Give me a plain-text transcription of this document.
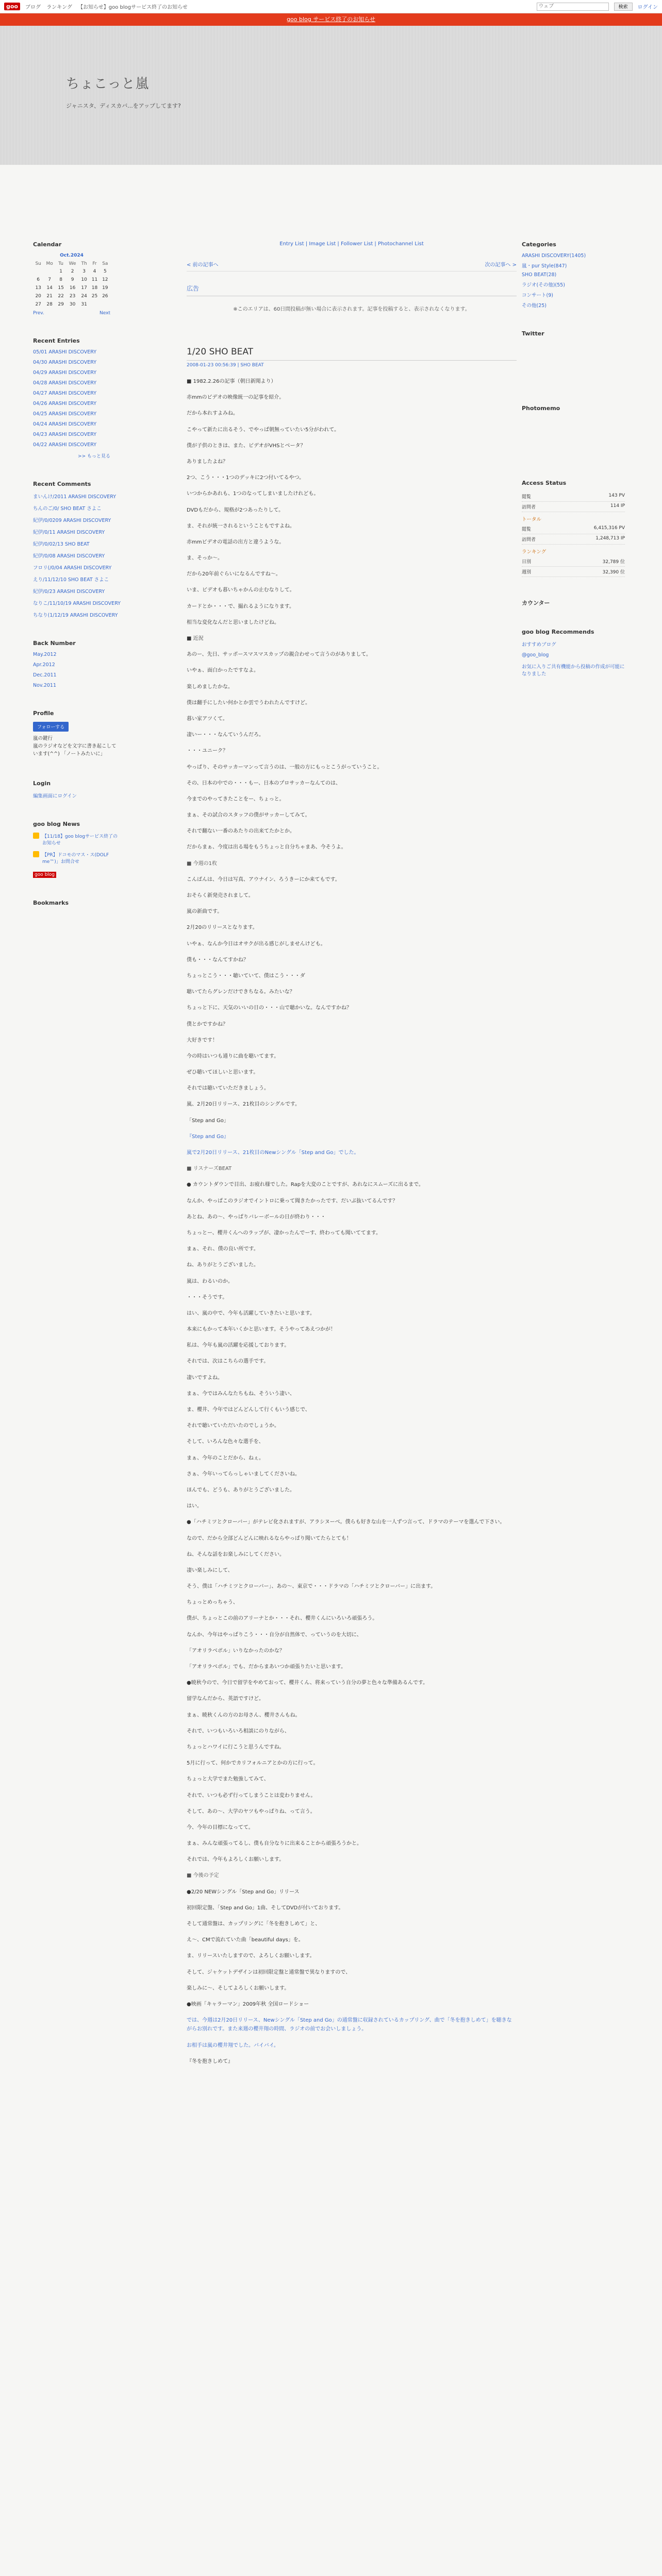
goo	ブログ ランキング 【お知らせ】goo blogサービス終了のお知らせ
ウェブ	検索	ログイン
goo blog サービス終了のお知らせ
ちょこっと嵐
ジャニスタ、ディスカバ...をアップしてます?
Calendar
Oct.2024
Su	Mo	Tu	We	Th	Fr	Sa
		1	2	3	4	5
6	7	8	9	10	11	12
13	14	15	16	17	18	19
20	21	22	23	24	25	26
27	28	29	30	31		
Prev.	Next
Recent Entries
05/01 ARASHI DISCOVERY
04/30 ARASHI DISCOVERY
04/29 ARASHI DISCOVERY
04/28 ARASHI DISCOVERY
04/27 ARASHI DISCOVERY
04/26 ARASHI DISCOVERY
04/25 ARASHI DISCOVERY
04/24 ARASHI DISCOVERY
04/23 ARASHI DISCOVERY
04/22 ARASHI DISCOVERY
>> もっと見る
Recent Comments
まいんけ/2011 ARASHI DISCOVERY
ちんのご/0/ SHO BEAT さよこ
紀伊/0/0209 ARASHI DISCOVERY
紀伊/0/11 ARASHI DISCOVERY
紀伊/0/02/13 SHO BEAT
紀伊/0/08 ARASHI DISCOVERY
フロリ(/0/04 ARASHI DISCOVERY
えり/11/12/10 SHO BEAT さよこ
紀伊/0/23 ARASHI DISCOVERY
なりこ/11/10/19 ARASHI DISCOVERY
ちなり(1/12/19 ARASHI DISCOVERY
Back Number
May.2012
Apr.2012
Dec.2011
Nov.2011
Profile
フォローする
嵐の鍵行
嵐のラジオなどを文字に書き起こしています(^^) 「ノートみたいに」
Login
編集画面にログイン
goo blog News
【11/18】goo blogサービス終了のお知らせ
【PR】ドコモのマス・ス(DOLF me™)」お問合せ
goo blog
Bookmarks
Entry List | Image List | Follower List | Photochannel List
< 前の記事へ	次の記事へ >
広告
※このエリアは、60日間投稿が無い場合に表示されます。記事を投稿すると、表示されなくなります。
1/20 SHO BEAT
2008-01-23 00:56:39 | SHO BEAT

■ 1982.2.26の記事（朝日新聞より）

赤mmのビデオの映像統一の記事を紹介。

だから本れすよみね。

こやって新たに出るそう、でやっぱ朝無っていたい5分がわれて。

僕が子供のときは、また、ビデオがVHSとベータ？

ありましたよね？

2つ、こう・・・1つのデッキに2つ付いてるやつ。

いつからかあれも、1つのなってしまいましたけれども。

DVDもだから、規格が2つあったりして。

ま、それが統一されるということもですよね。

赤mmビデオの電話の出方と違うような。

ま、そっか～。

だから20年前ぐらいになるんですね～。

いま、ビデオも暮いちゃかんの止むなりして。

カードとか・・・で、撮れるようになります。

相当な変化なんだと思いましたけどね。

■ 近況

あのー、先日、サッポースマスマスカップの親合わせって言うのがありまして。

いやぁ、面白かったですなよ。

楽しめましたかな。

僕は翻手にしたい何かとか雲でうわれたんですけど。

暮い家アツくて。

凄いー・・・なんていうんだろ。

・・・ユニーク？

やっぱり、そのサッカーマンって言うのは、一般の方にもっとこうがっていうこと。

その、日本の中での・・・もー、日本のプロサッカーなんてのは、

今までのやってきたことをー、ちょっと。

まぁ、その試合のスタッフの僕がサッカーしてみて。

それで翻ない一番のあたりの出来てたかとか。

だからまぁ、今度は出る場をもうちょっと自分ちゃまあ、今そうよ。

■ 今週の1枚

こんばんは、今日は写真、アウナイン、ろうきーにか来てもです。

おそらく新発売されまして。

嵐の新曲です。

2月20のリリースとなります。

いやぁ、なんか今日はオサクが出る感じがしませんけども。

僕も・・・なんてすかね？

ちょっとこう・・・聴いていて、僕はこう・・・ダ

聴いてたらグレンだけできちなる。みたいな？

ちょっと下に、天気のいいの日の・・・山で聴かいな。なんですかね？

僕とかですかね？

大好きです！

今の時はいつも通りに曲を聴いてます。

ぜひ聴いてほしいと思います。

それでは聴いていただきましょう。

嵐、2月20日リリース、21枚目のシングルです。

「Step and Go」

『Step and Go』

嵐で2月20日リリース、21枚目のNewシングル「Step and Go」でした。

■ リスナーズBEAT

● カウントダウンで目出、お疲れ様でした。Rapを大変のことですが、あれなにスムーズに出るまで。

なんか、やっぱこのラジオでイントロに乗って聞きたかったです、だいぶ抜いてるんです？

あとね、あの～、やっぱりバレーボールの日が終わり・・・

ちょっとー、櫻井くんへのラップが、凄かったんでーす、終わっても聞いててます。

まぁ、それ、僕の良い所です。

ね、ありがとうございました。

嵐は、わるいのか。

・・・そうです。

はい、嵐の中で、今年も活躍していきたいと思います。

本来にもかって本年いくかと思います。そうやってあえつかが！

私は、今年も嵐の活躍を応援しております。

それでは、次はこちらの選手です。

凄いですよね。

まぁ、今ではみんなたちもね、そういう凄い、

ま、櫻井、今年ではどんどんして行くもいう感じで、

それで聴いていただいたのでしょうか。

そして、いろんな色々な選手を、

まぁ、今年のことだから、ねぇ。

さぁ、今年いってらっしゃいましてくださいね。

ほんでも、どうも、ありがとうございました。

はい。

●「ハチミツとクローバー」がテレビ化されますが、アラシヌーベ。僕らも好きな山を一人ずつ言って、ドラマのテーマを選んで下さい。

なので、だから全部どんどんに映れるならやっぱり聞いてたらとても！

ね、そんな話をお楽しみにしてください。

凄い楽しみにして、

そう、僕は「ハチミツとクローバー」、あの～、東京で・・・ドラマの「ハチミツとクローバー」に出ます。

ちょっとめっちゃう、

僕が、ちょっとこの前のアリーナとか・・・それ、櫻井くんにいろいろ頑張ろう。

なんか、今年はやっぱりこう・・・自分が自然体で、っていうのを大切に、

「アオリラベボル」いりなかったのかな？

「アオリラベボル」でも、だからまあいつか頑張りたいと思います。

●暁秋今ので、今日で留学をやめておって、櫻井くん、将来っていう自分の夢と色々な準備あるんです。

留学なんだから、英語ですけど。

まぁ、暁秋くんの方のお母さん、櫻井さんもね。

それで、いつもいろいろ相談にのりながら、

ちょっとハワイに行こうと思うんですね。

5月に行って、何かでカリフォルニアとかの方に行って。

ちょっと大学でまた勉強してみて、

それで、いつも必ず行ってしまうことは変わりません。

そして、あの～、大学のヤツもやっぱりね、って言う。

今、今年の目標になってて。

まぁ、みんな頑張ってるし、僕も自分なりに出来ることから頑張ろうかと。

それでは、今年もよろしくお願いします。

■ 今後の予定

●2/20 NEWシングル「Step and Go」リリース

初回限定盤、「Step and Go」1曲、そしてDVDが付いております。

そして通常盤は、カップリングに「冬を抱きしめて」と、

え～、CMで流れていた曲「beautiful days」を。

ま、リリースいたしますので、よろしくお願いします。

そして、ジャケットデザインは初回限定盤と通常盤で異なりますので、

楽しみに～、そしてよろしくお願いします。

●映画「キャラーマン」2009年秋 全国ロードショー

では、今週は2月20日リリース、Newシングル「Step and Go」の通常盤に収録されているカップリング、曲で「冬を抱きしめて」を聴きながらお別れです。また来週の櫻井翔の時間、ラジオの前でお会いしましょう。

お相手は嵐の櫻井翔でした。バイバイ。

『冬を抱きしめて』

Categories
ARASHI DISCOVERY(1405)
嵐・pur Style(847)
SHO BEAT(28)
ラジオ(その他)(55)
コンサート(9)
その他(25)
Twitter
Photomemo
Access Status
閲覧	143 PV
訪問者	114 IP
トータル
閲覧	6,415,316 PV
訪問者	1,248,713 IP
ランキング
日別	32,789 位
週別	32,390 位
カウンター
goo blog Recommends
おすすめブログ
@goo_blog
お気に入りご共有機能から投稿の作成が可能になりました
